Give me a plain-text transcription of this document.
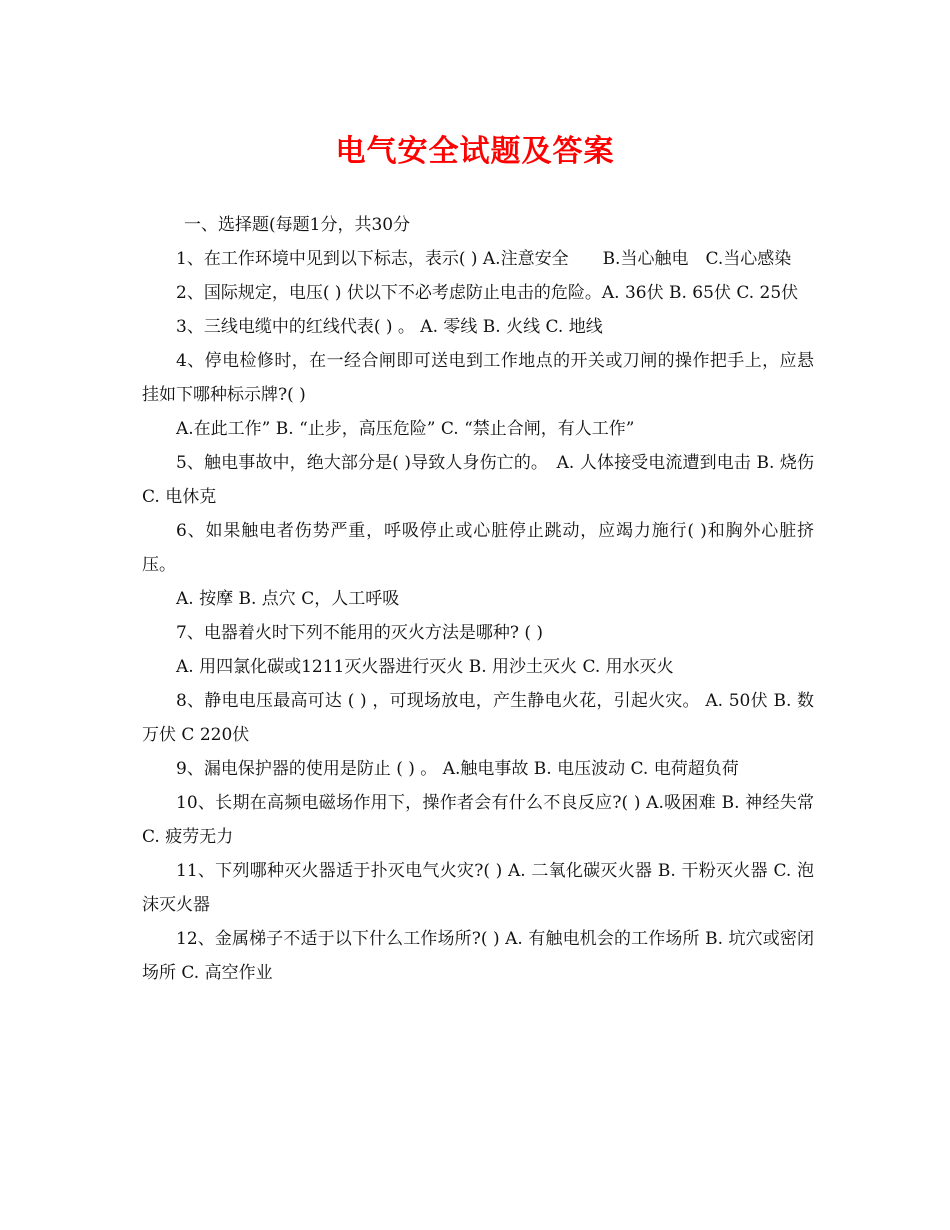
电气安全试题及答案

一、选择题(每题1分，共30分

1、在工作环境中见到以下标志，表示( ) A.注意安全　　B.当心触电　C.当心感染

2、国际规定，电压( ) 伏以下不必考虑防止电击的危险。A. 36伏 B. 65伏 C. 25伏

3、三线电缆中的红线代表( ) 。 A. 零线 B. 火线 C. 地线

4、停电检修时，在一经合闸即可送电到工作地点的开关或刀闸的操作把手上，应悬挂如下哪种标示牌?( )

A.在此工作” B. “止步，高压危险” C. “禁止合闸，有人工作”

5、触电事故中，绝大部分是( )导致人身伤亡的。　A. 人体接受电流遭到电击 B. 烧伤 C. 电休克

6、如果触电者伤势严重，呼吸停止或心脏停止跳动，应竭力施行( )和胸外心脏挤压。

A. 按摩 B. 点穴 C，人工呼吸

7、电器着火时下列不能用的灭火方法是哪种? ( )

A. 用四氯化碳或1211灭火器进行灭火 B. 用沙土灭火 C. 用水灭火

8、静电电压最高可达 ( ) ，可现场放电，产生静电火花，引起火灾。 A. 50伏 B. 数万伏 C 220伏

9、漏电保护器的使用是防止 ( ) 。 A.触电事故 B. 电压波动 C. 电荷超负荷

10、长期在高频电磁场作用下，操作者会有什么不良反应?( ) A.吸困难 B. 神经失常 C. 疲劳无力

11、下列哪种灭火器适于扑灭电气火灾?( ) A. 二氧化碳灭火器 B. 干粉灭火器 C. 泡沫灭火器

12、金属梯子不适于以下什么工作场所?( ) A. 有触电机会的工作场所 B. 坑穴或密闭场所 C. 高空作业
